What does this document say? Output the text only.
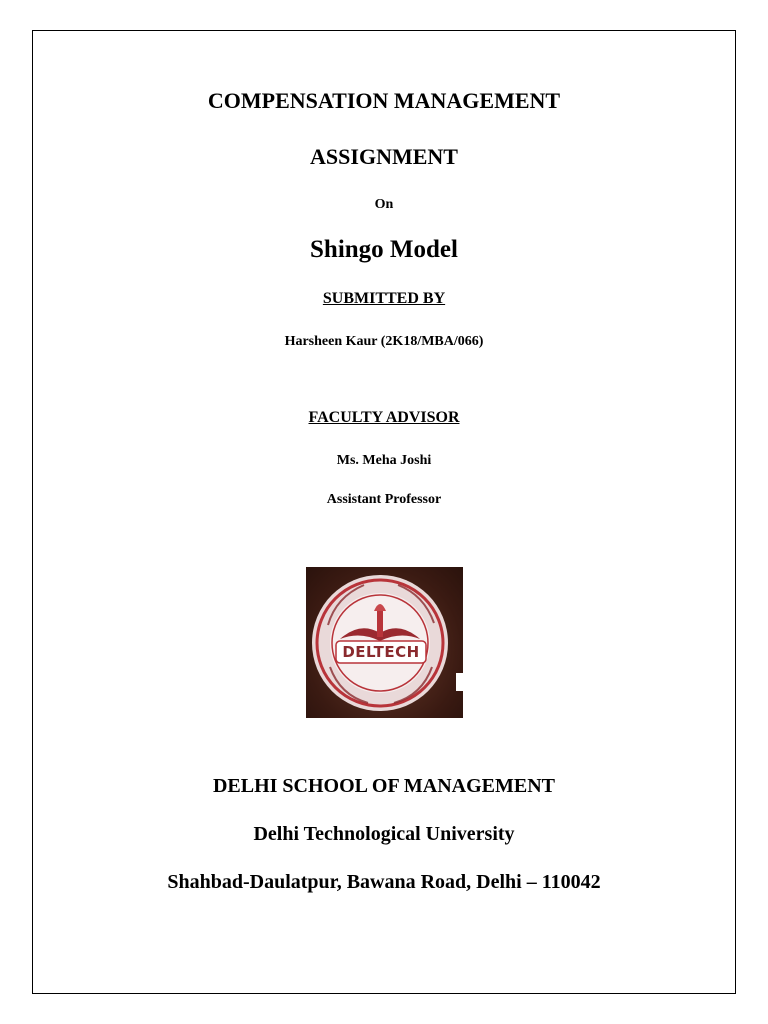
COMPENSATION MANAGEMENT
ASSIGNMENT
On
Shingo Model
SUBMITTED BY
Harsheen Kaur (2K18/MBA/066)
FACULTY ADVISOR
Ms. Meha Joshi
Assistant Professor
DELTECH
DELHI SCHOOL OF MANAGEMENT
Delhi Technological University
Shahbad-Daulatpur, Bawana Road, Delhi – 110042
